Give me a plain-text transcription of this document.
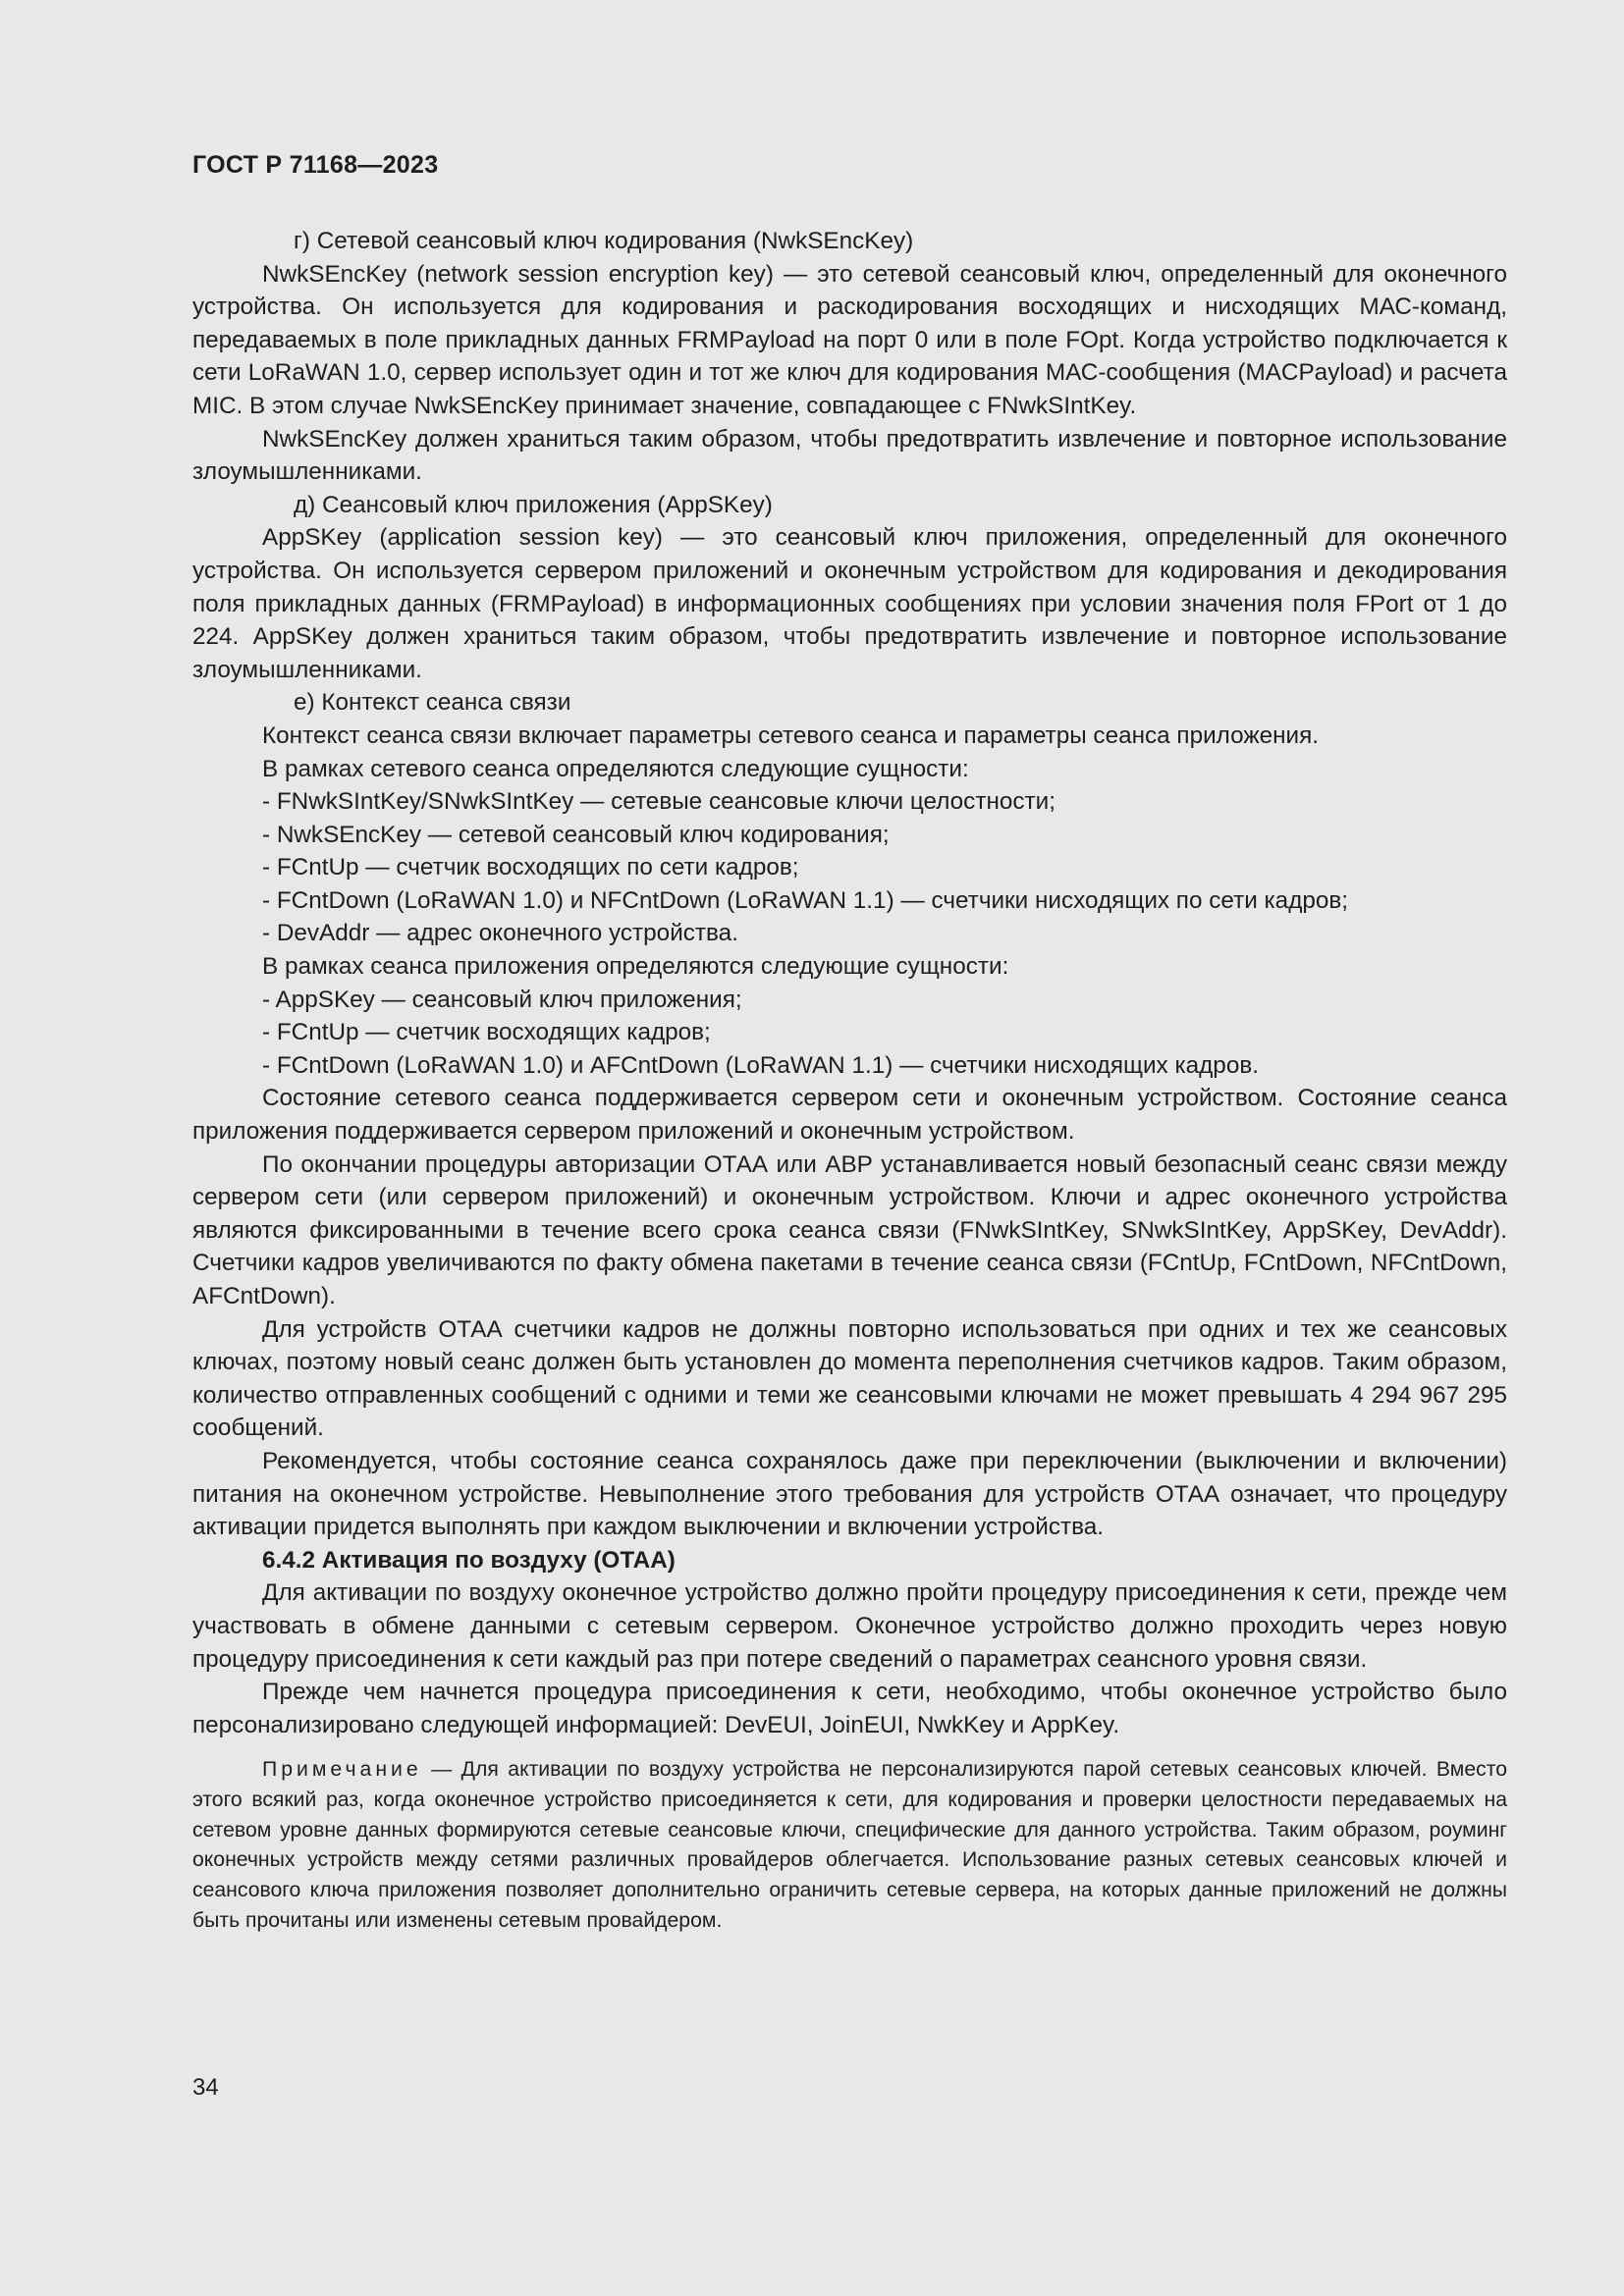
ГОСТ Р 71168—2023

г) Сетевой сеансовый ключ кодирования (NwkSEncKey)

NwkSEncKey (network session encryption key) — это сетевой сеансовый ключ, определенный для оконечного устройства. Он используется для кодирования и раскодирования восходящих и нисходящих МАС-команд, передаваемых в поле прикладных данных FRMPayload на порт 0 или в поле FOpt. Когда устройство подключается к сети LoRaWAN 1.0, сервер использует один и тот же ключ для кодирования МАС-сообщения (MACPayload) и расчета MIC. В этом случае NwkSEncKey принимает значение, совпадающее с FNwkSIntKey.

NwkSEncKey должен храниться таким образом, чтобы предотвратить извлечение и повторное использование злоумышленниками.

д) Сеансовый ключ приложения (AppSKey)

AppSKey (application session key) — это сеансовый ключ приложения, определенный для оконечного устройства. Он используется сервером приложений и оконечным устройством для кодирования и декодирования поля прикладных данных (FRMPayload) в информационных сообщениях при условии значения поля FPort от 1 до 224. AppSKey должен храниться таким образом, чтобы предотвратить извлечение и повторное использование злоумышленниками.

е) Контекст сеанса связи

Контекст сеанса связи включает параметры сетевого сеанса и параметры сеанса приложения.

В рамках сетевого сеанса определяются следующие сущности:

- FNwkSIntKey/SNwkSIntKey — сетевые сеансовые ключи целостности;

- NwkSEncKey — сетевой сеансовый ключ кодирования;

- FCntUp — счетчик восходящих по сети кадров;

- FCntDown (LoRaWAN 1.0) и NFCntDown (LoRaWAN 1.1) — счетчики нисходящих по сети кадров;

- DevAddr — адрес оконечного устройства.

В рамках сеанса приложения определяются следующие сущности:

- AppSKey — сеансовый ключ приложения;

- FCntUp — счетчик восходящих кадров;

- FCntDown (LoRaWAN 1.0) и AFCntDown (LoRaWAN 1.1) — счетчики нисходящих кадров.

Состояние сетевого сеанса поддерживается сервером сети и оконечным устройством. Состояние сеанса приложения поддерживается сервером приложений и оконечным устройством.

По окончании процедуры авторизации ОТАА или АВР устанавливается новый безопасный сеанс связи между сервером сети (или сервером приложений) и оконечным устройством. Ключи и адрес оконечного устройства являются фиксированными в течение всего срока сеанса связи (FNwkSIntKey, SNwkSIntKey, AppSKey, DevAddr). Счетчики кадров увеличиваются по факту обмена пакетами в течение сеанса связи (FCntUp, FCntDown, NFCntDown, AFCntDown).

Для устройств ОТАА счетчики кадров не должны повторно использоваться при одних и тех же сеансовых ключах, поэтому новый сеанс должен быть установлен до момента переполнения счетчиков кадров. Таким образом, количество отправленных сообщений с одними и теми же сеансовыми ключами не может превышать 4 294 967 295 сообщений.

Рекомендуется, чтобы состояние сеанса сохранялось даже при переключении (выключении и включении) питания на оконечном устройстве. Невыполнение этого требования для устройств ОТАА означает, что процедуру активации придется выполнять при каждом выключении и включении устройства.

6.4.2 Активация по воздуху (ОТАА)

Для активации по воздуху оконечное устройство должно пройти процедуру присоединения к сети, прежде чем участвовать в обмене данными с сетевым сервером. Оконечное устройство должно проходить через новую процедуру присоединения к сети каждый раз при потере сведений о параметрах сеансного уровня связи.

Прежде чем начнется процедура присоединения к сети, необходимо, чтобы оконечное устройство было персонализировано следующей информацией: DevEUI, JoinEUI, NwkKey и AppKey.

Примечание — Для активации по воздуху устройства не персонализируются парой сетевых сеансовых ключей. Вместо этого всякий раз, когда оконечное устройство присоединяется к сети, для кодирования и проверки целостности передаваемых на сетевом уровне данных формируются сетевые сеансовые ключи, специфические для данного устройства. Таким образом, роуминг оконечных устройств между сетями различных провайдеров облегчается. Использование разных сетевых сеансовых ключей и сеансового ключа приложения позволяет дополнительно ограничить сетевые сервера, на которых данные приложений не должны быть прочитаны или изменены сетевым провайдером.

34
